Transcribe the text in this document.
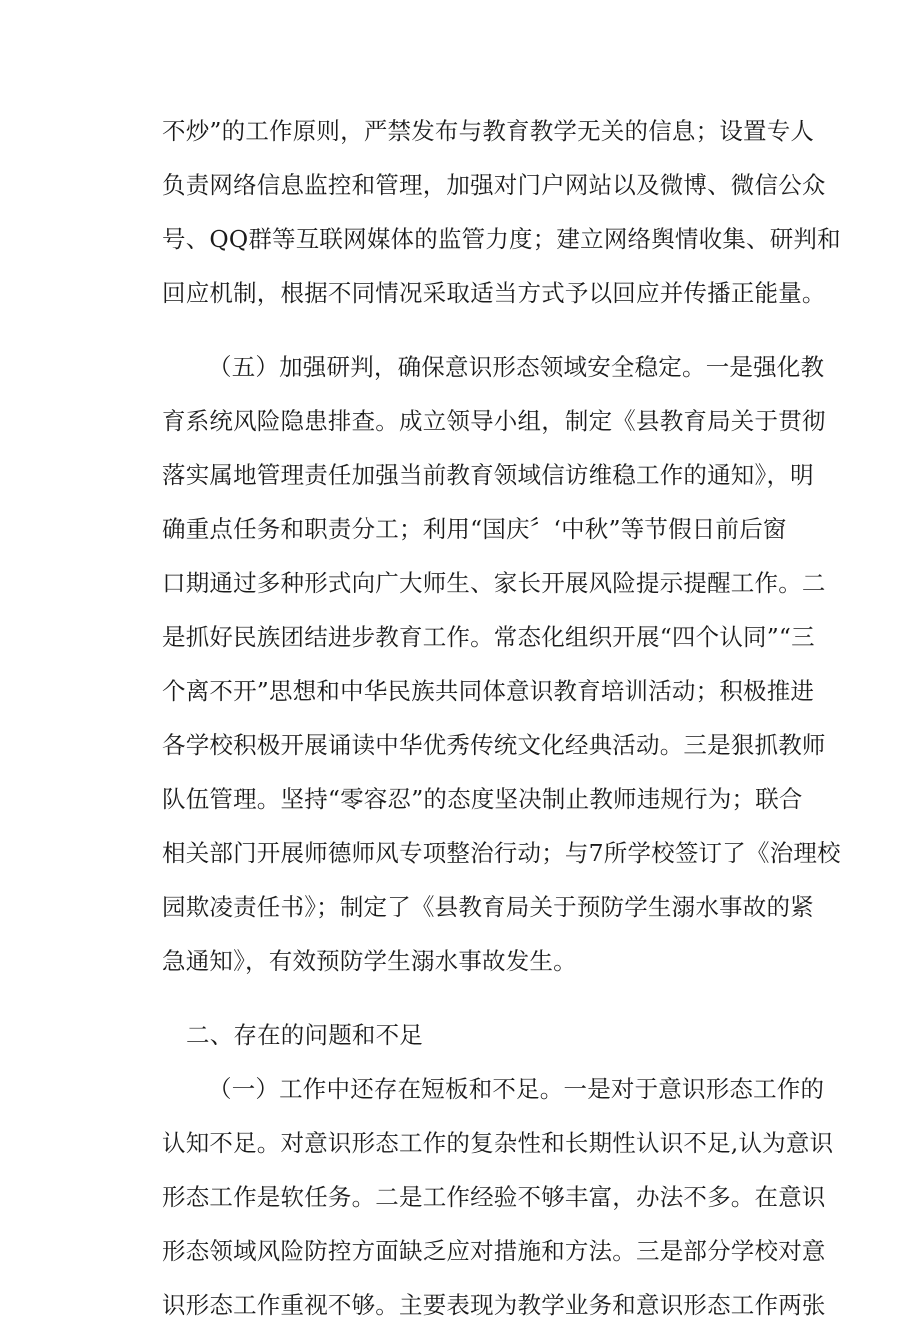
不炒”的工作原则，严禁发布与教育教学无关的信息；设置专人
负责网络信息监控和管理，加强对门户网站以及微博、微信公众
号、QQ群等互联网媒体的监管力度；建立网络舆情收集、研判和
回应机制，根据不同情况采取适当方式予以回应并传播正能量。
（五）加强研判，确保意识形态领域安全稳定。一是强化教
育系统风险隐患排查。成立领导小组，制定《县教育局关于贯彻
落实属地管理责任加强当前教育领域信访维稳工作的通知》，明
确重点任务和职责分工；利用“国庆〞‘中秋”等节假日前后窗
口期通过多种形式向广大师生、家长开展风险提示提醒工作。二
是抓好民族团结进步教育工作。常态化组织开展“四个认同”“三
个离不开”思想和中华民族共同体意识教育培训活动；积极推进
各学校积极开展诵读中华优秀传统文化经典活动。三是狠抓教师
队伍管理。坚持“零容忍”的态度坚决制止教师违规行为；联合
相关部门开展师德师风专项整治行动；与7所学校签订了《治理校
园欺凌责任书》；制定了《县教育局关于预防学生溺水事故的紧
急通知》，有效预防学生溺水事故发生。
二、存在的问题和不足
（一）工作中还存在短板和不足。一是对于意识形态工作的
认知不足。对意识形态工作的复杂性和长期性认识不足,认为意识
形态工作是软任务。二是工作经验不够丰富，办法不多。在意识
形态领域风险防控方面缺乏应对措施和方法。三是部分学校对意
识形态工作重视不够。主要表现为教学业务和意识形态工作两张
